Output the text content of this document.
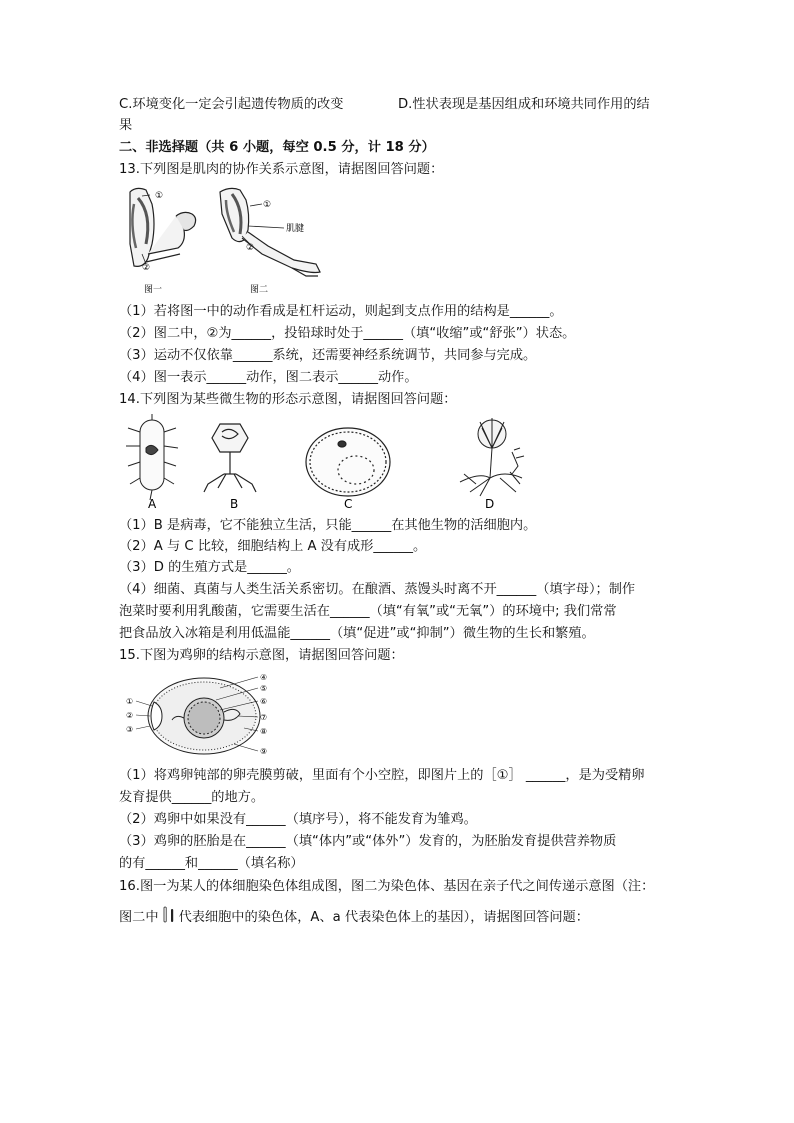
C.环境变化一定会引起遗传物质的改变	D.性状表现是基因组成和环境共同作用的结
果
二、非选择题（共 6 小题，每空 0.5 分，计 18 分）
13.下列图是肌肉的协作关系示意图，请据图回答问题：
①
②
①
肌腱
②
图一	图二
（1）若将图一中的动作看成是杠杆运动，则起到支点作用的结构是______。
（2）图二中，②为______，投铅球时处于______（填“收缩”或“舒张”）状态。
（3）运动不仅依靠______系统，还需要神经系统调节，共同参与完成。
（4）图一表示______动作，图二表示______动作。
14.下列图为某些微生物的形态示意图，请据图回答问题：
A	B	C	D
（1）B 是病毒，它不能独立生活，只能______在其他生物的活细胞内。
（2）A 与 C 比较，细胞结构上 A 没有成形______。
（3）D 的生殖方式是______。
（4）细菌、真菌与人类生活关系密切。在酿酒、蒸馒头时离不开______（填字母）；制作
泡菜时要利用乳酸菌，它需要生活在______（填“有氧”或“无氧”）的环境中; 我们常常
把食品放入冰箱是利用低温能______（填“促进”或“抑制”）微生物的生长和繁殖。
15.下图为鸡卵的结构示意图，请据图回答问题：
①
②
③
④
⑤
⑥
⑦
⑧
⑨
（1）将鸡卵钝部的卵壳膜剪破，里面有个小空腔，即图片上的［①］ ______，是为受精卵
发育提供______的地方。
（2）鸡卵中如果没有______（填序号），将不能发育为雏鸡。
（3）鸡卵的胚胎是在______（填“体内”或“体外”）发育的，为胚胎发育提供营养物质
的有______和______（填名称）
16.图一为某人的体细胞染色体组成图，图二为染色体、基因在亲子代之间传递示意图（注：
图二中 代表细胞中的染色体，A、a 代表染色体上的基因），请据图回答问题：
